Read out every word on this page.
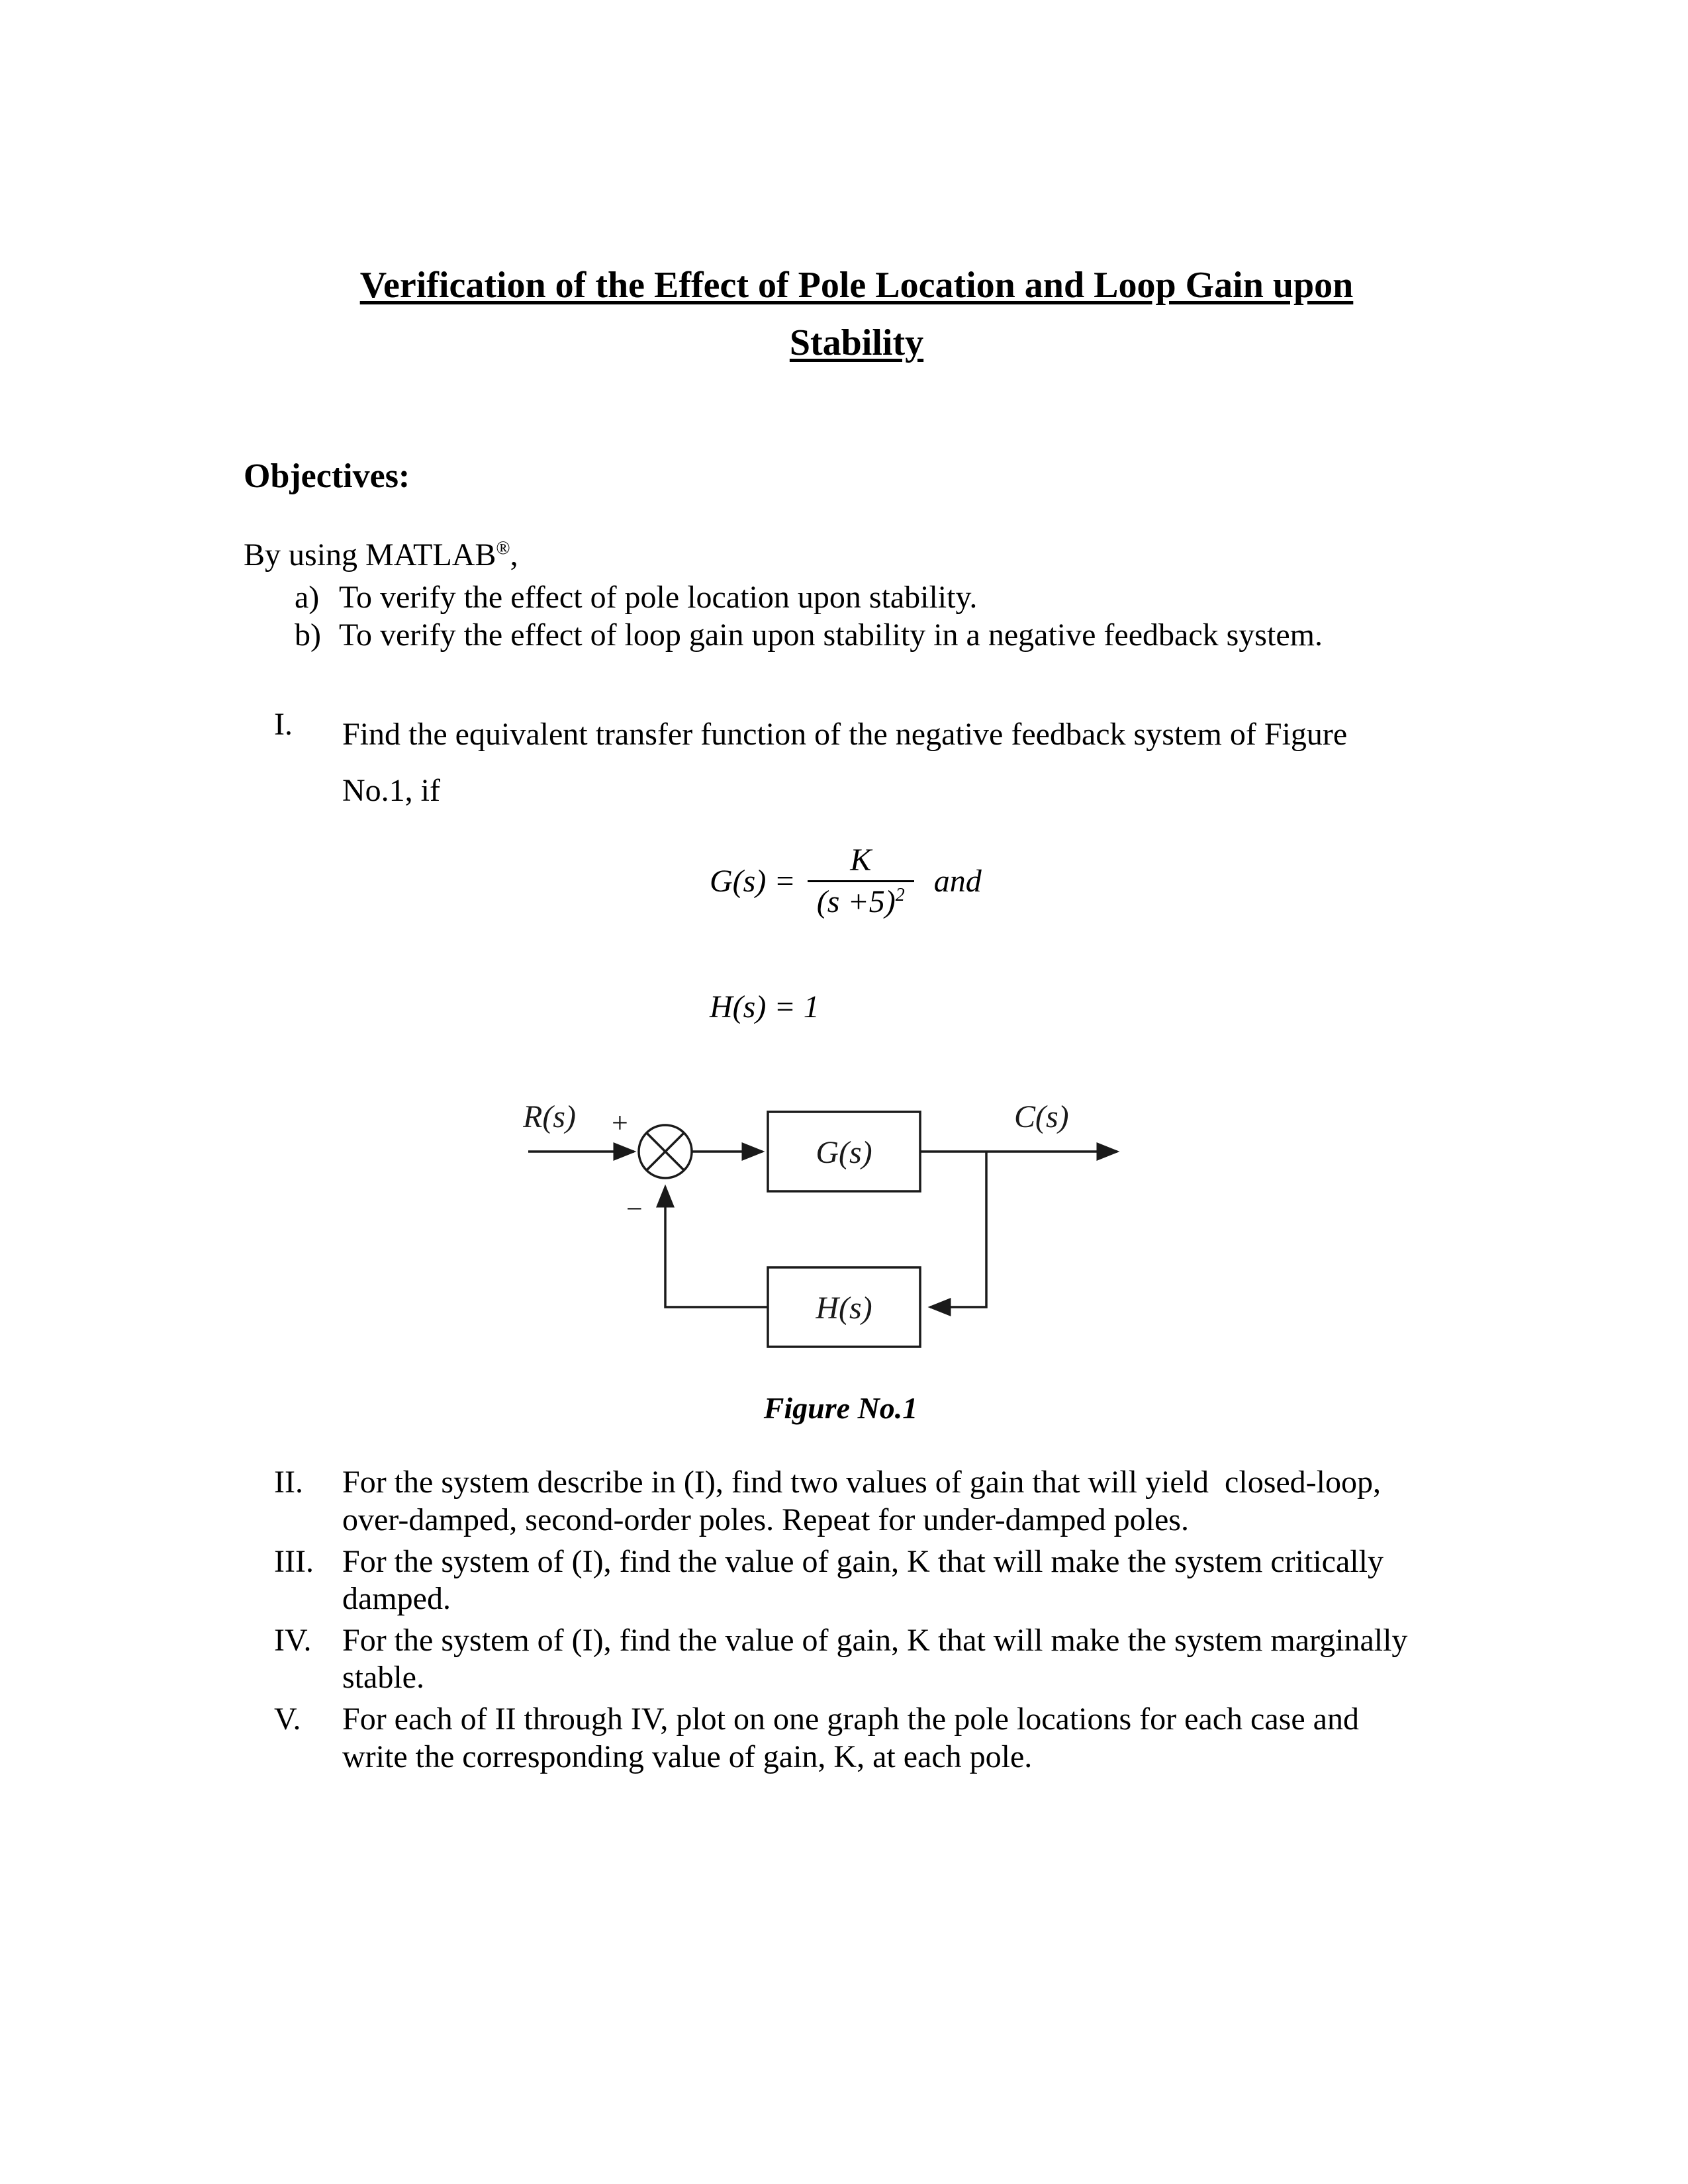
Verification of the Effect of Pole Location and Loop Gain upon
Stability
Objectives:

By using MATLAB®,

a) To verify the effect of pole location upon stability.
b) To verify the effect of loop gain upon stability in a negative feedback system.
I.	Find the equivalent transfer function of the negative feedback system of Figure
No.1, if
$G(s) = \frac{K}{(s +5)^2}$ and
H(s) = 1
R(s) +
−
G(s)
H(s)
C(s)
Figure No.1
II.	For the system describe in (I), find two values of gain that will yield  closed-loop,
over-damped, second-order poles. Repeat for under-damped poles.
III. For the system of (I), find the value of gain, K that will make the system critically
damped.
IV. For the system of (I), find the value of gain, K that will make the system marginally
stable.
V.	For each of II through IV, plot on one graph the pole locations for each case and
write the corresponding value of gain, K, at each pole.
